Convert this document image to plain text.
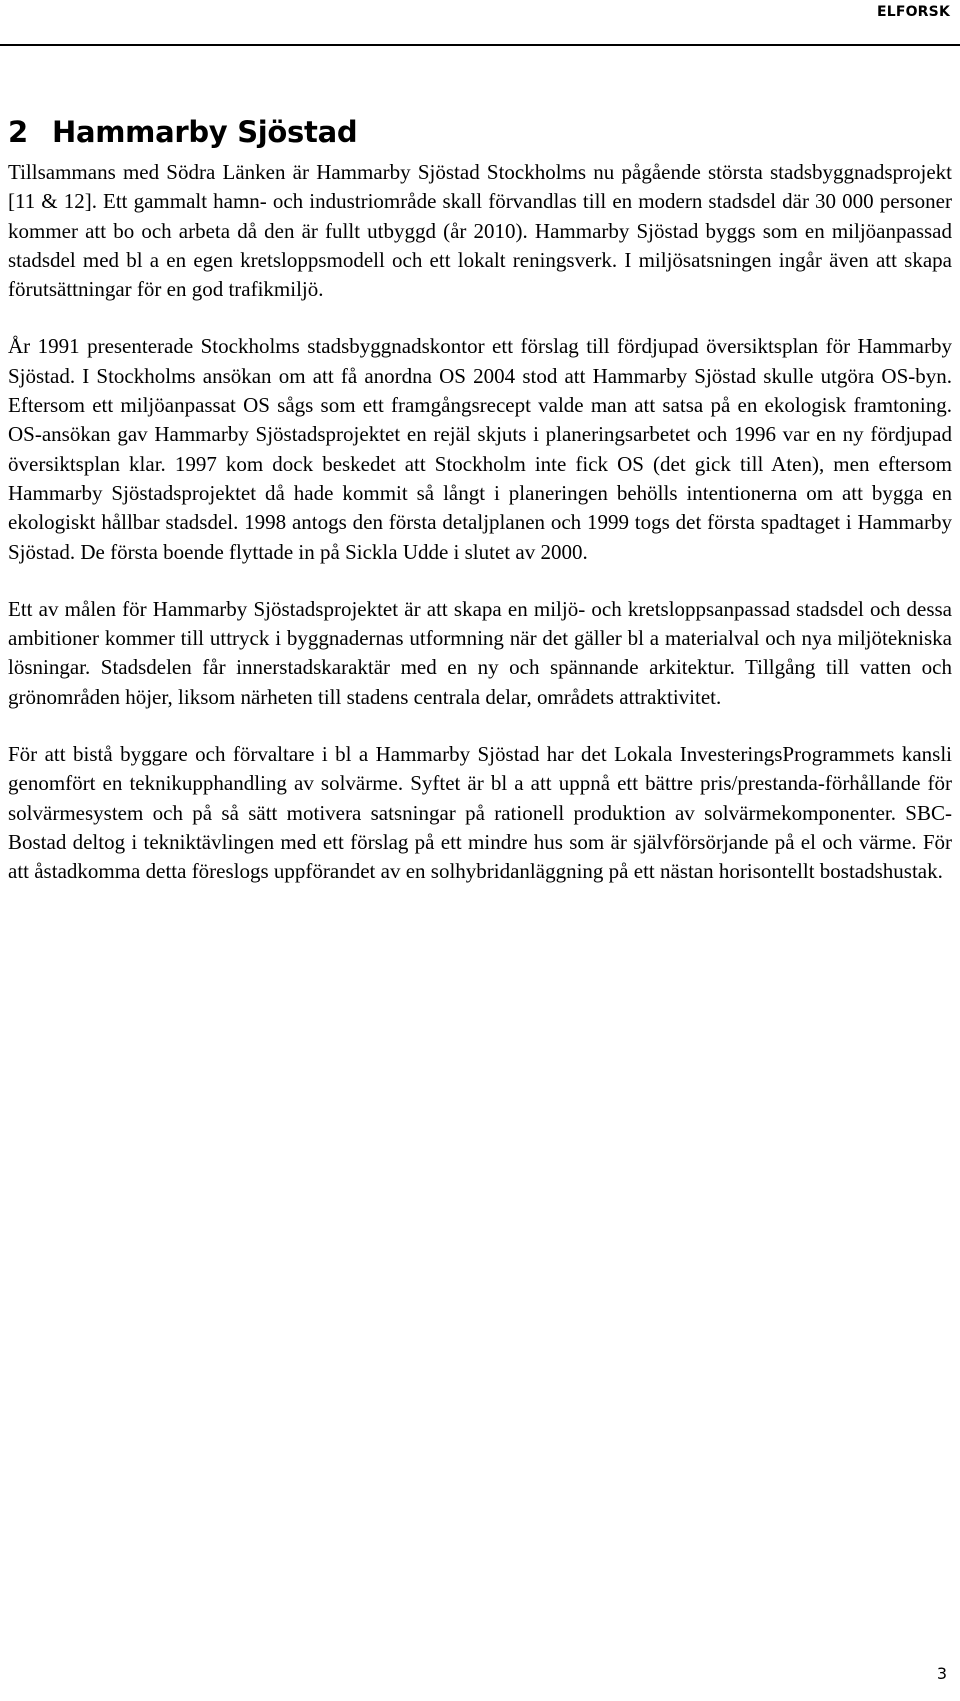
ELFORSK
2 Hammarby Sjöstad

Tillsammans med Södra Länken är Hammarby Sjöstad Stockholms nu pågående största stadsbyggnadsprojekt [11 & 12]. Ett gammalt hamn- och industriområde skall förvandlas till en modern stadsdel där 30 000 personer kommer att bo och arbeta då den är fullt utbyggd (år 2010). Hammarby Sjöstad byggs som en miljöanpassad stadsdel med bl a en egen kretsloppsmodell och ett lokalt reningsverk. I miljösatsningen ingår även att skapa förutsättningar för en god trafikmiljö.

År 1991 presenterade Stockholms stadsbyggnadskontor ett förslag till fördjupad översiktsplan för Hammarby Sjöstad. I Stockholms ansökan om att få anordna OS 2004 stod att Hammarby Sjöstad skulle utgöra OS-byn. Eftersom ett miljöanpassat OS sågs som ett framgångsrecept valde man att satsa på en ekologisk framtoning. OS-ansökan gav Hammarby Sjöstadsprojektet en rejäl skjuts i planeringsarbetet och 1996 var en ny fördjupad översiktsplan klar. 1997 kom dock beskedet att Stockholm inte fick OS (det gick till Aten), men eftersom Hammarby Sjöstadsprojektet då hade kommit så långt i planeringen behölls intentionerna om att bygga en ekologiskt hållbar stadsdel. 1998 antogs den första detaljplanen och 1999 togs det första spadtaget i Hammarby Sjöstad. De första boende flyttade in på Sickla Udde i slutet av 2000.

Ett av målen för Hammarby Sjöstadsprojektet är att skapa en miljö- och kretsloppsanpassad stadsdel och dessa ambitioner kommer till uttryck i byggnadernas utformning när det gäller bl a materialval och nya miljötekniska lösningar. Stadsdelen får innerstadskaraktär med en ny och spännande arkitektur. Tillgång till vatten och grönområden höjer, liksom närheten till stadens centrala delar, områdets attraktivitet.

För att bistå byggare och förvaltare i bl a Hammarby Sjöstad har det Lokala InvesteringsProgrammets kansli genomfört en teknikupphandling av solvärme. Syftet är bl a att uppnå ett bättre pris/prestanda-förhållande för solvärmesystem och på så sätt motivera satsningar på rationell produktion av solvärmekomponenter. SBC-Bostad deltog i tekniktävlingen med ett förslag på ett mindre hus som är självförsörjande på el och värme. För att åstadkomma detta föreslogs uppförandet av en solhybridanläggning på ett nästan horisontellt bostadshustak.

3
